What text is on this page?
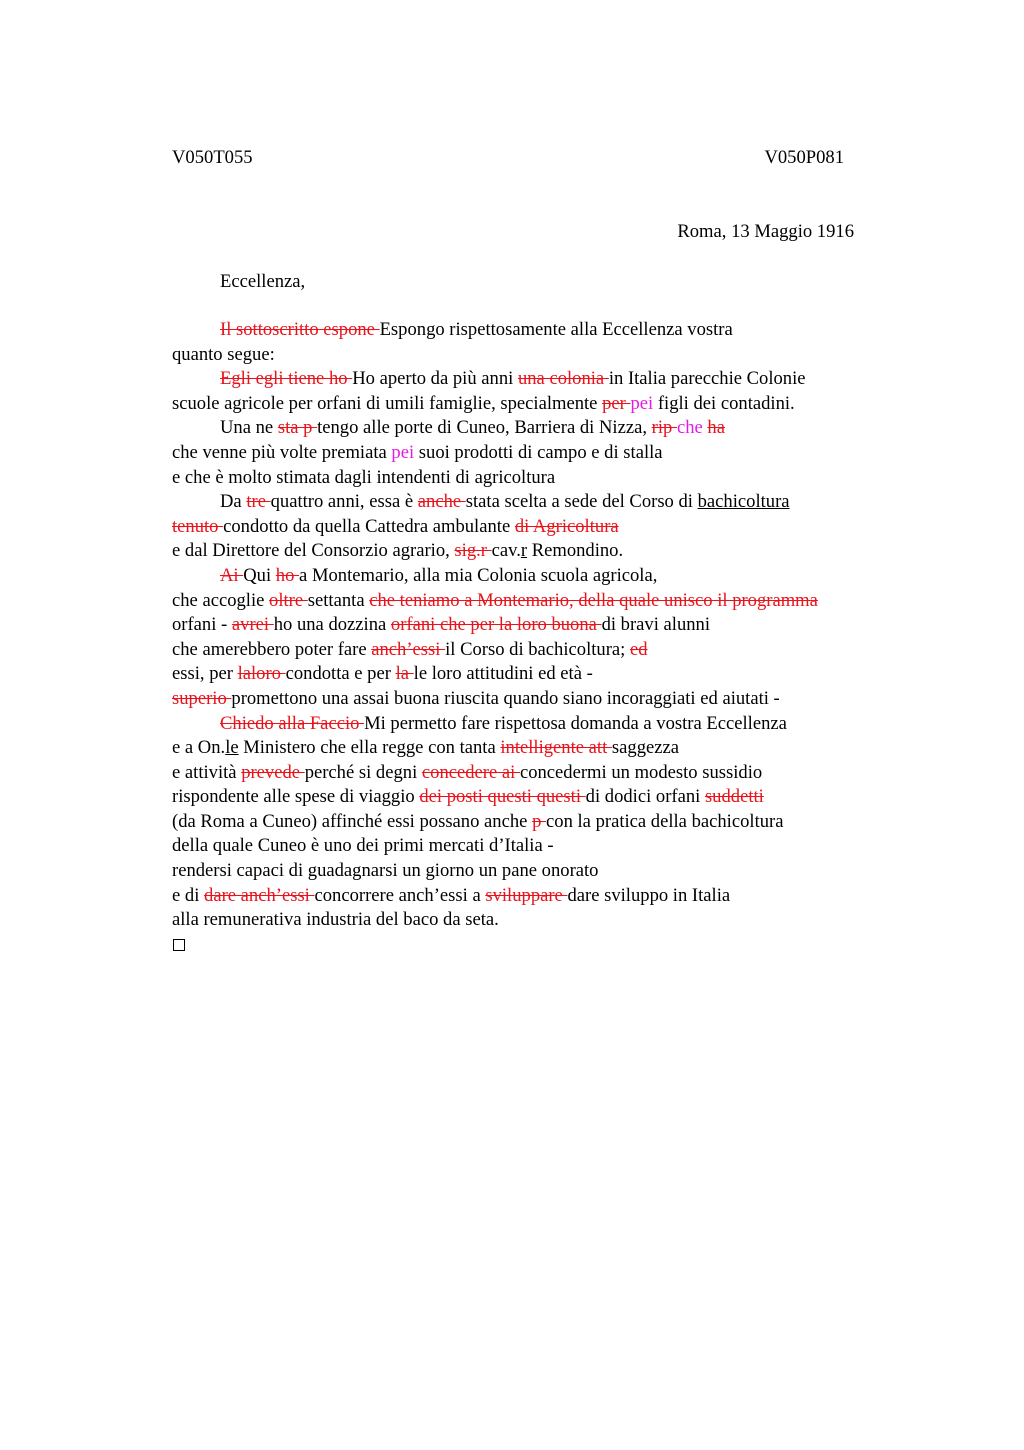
V050T055	V050P081
Roma, 13 Maggio 1916
Eccellenza,
Il sottoscritto espone Espongo rispettosamente alla Eccellenza vostra
quanto segue:
Egli egli tiene ho Ho aperto da più anni una colonia in Italia parecchie Colonie
scuole agricole per orfani di umili famiglie, specialmente per pei figli dei contadini.
Una ne sta p tengo alle porte di Cuneo, Barriera di Nizza, rip che ha
che venne più volte premiata pei suoi prodotti di campo e di stalla
e che è molto stimata dagli intendenti di agricoltura
Da tre quattro anni, essa è anche stata scelta a sede del Corso di bachicoltura
tenuto condotto da quella Cattedra ambulante di Agricoltura
e dal Direttore del Consorzio agrario, sig.r cav.r Remondino.
Ai Qui ho a Montemario, alla mia Colonia scuola agricola,
che accoglie oltre settanta che teniamo a Montemario, della quale unisco il programma
orfani - avrei ho una dozzina orfani che per la loro buona di bravi alunni
che amerebbero poter fare anch’essi il Corso di bachicoltura; ed
essi, per laloro condotta e per la le loro attitudini ed età -
superio promettono una assai buona riuscita quando siano incoraggiati ed aiutati -
Chiedo alla Faccio Mi permetto fare rispettosa domanda a vostra Eccellenza
e a On.le Ministero che ella regge con tanta intelligente att saggezza
e attività prevede perché si degni concedere ai concedermi un modesto sussidio
rispondente alle spese di viaggio dei posti questi questi di dodici orfani suddetti
(da Roma a Cuneo) affinché essi possano anche p con la pratica della bachicoltura
della quale Cuneo è uno dei primi mercati d’Italia -
rendersi capaci di guadagnarsi un giorno un pane onorato
e di dare anch’essi concorrere anch’essi a sviluppare dare sviluppo in Italia
alla remunerativa industria del baco da seta.
